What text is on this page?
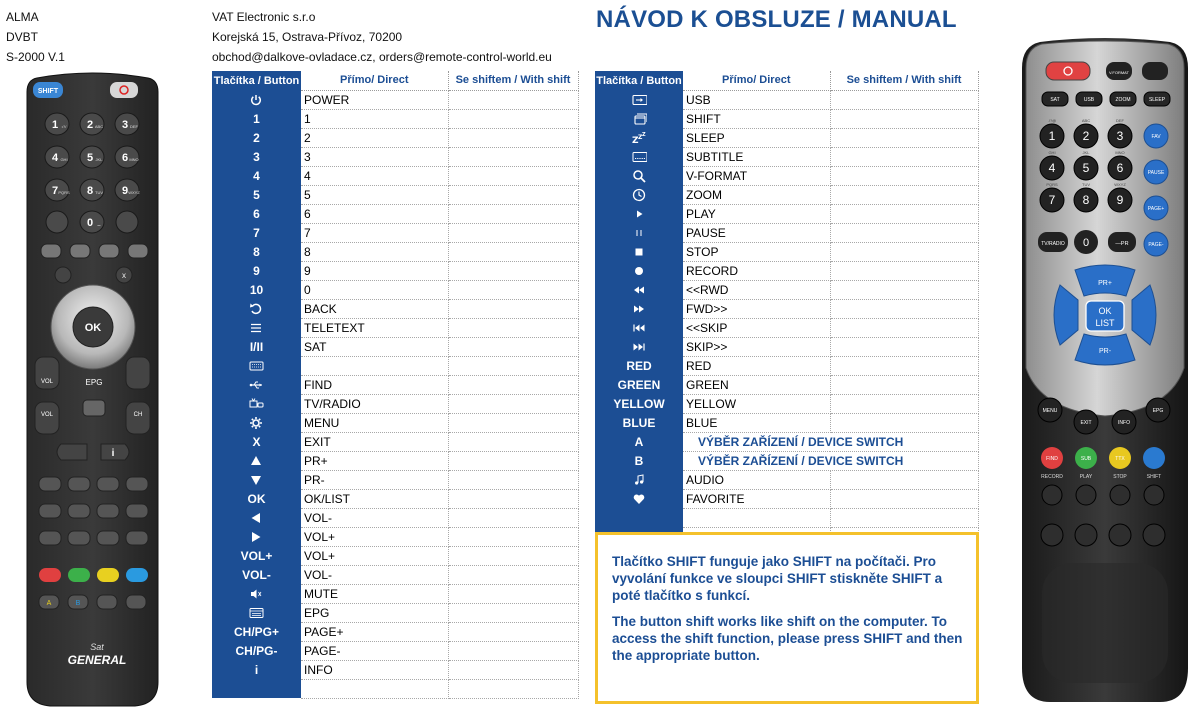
ALMA
DVBT
S-2000 V.1
VAT Electronic s.r.o
Korejská 15, Ostrava-Přívoz, 70200
obchod@dalkove-ovladace.cz, orders@remote-control-world.eu
NÁVOD K OBSLUZE / MANUAL
Tlačítka / Button	Přímo/ Direct	Se shiftem / With shift

	POWER	
1	1	
2	2	
3	3	
4	4	
5	5	
6	6	
7	7	
8	8	
9	9	
10	0	

	BACK	

	TELETEXT	
I/II	SAT	

	FIND	

	TV/RADIO	

	MENU	
X	EXIT	

	PR+	

	PR-	
OK	OK/LIST	

	VOL-	

	VOL+	
VOL+	VOL+	
VOL-	VOL-	

	MUTE	

	EPG	
CH/PG+	PAGE+	
CH/PG-	PAGE-	
i	INFO	

Tlačítka / Button	Přímo/ Direct	Se shiftem / With shift

	USB	

	SHIFT	

Z Z Z	SLEEP	

	SUBTITLE	

	V-FORMAT	

	ZOOM	

	PLAY	

	PAUSE	

	STOP	

	RECORD	

	<<RWD	

	FWD>>	

	<<SKIP	

	SKIP>>	
RED	RED	
GREEN	GREEN	
YELLOW	YELLOW	
BLUE	BLUE	
A	VÝBĚR ZAŘÍZENÍ / DEVICE SWITCH	
B	VÝBĚR ZAŘÍZENÍ / DEVICE SWITCH	

	AUDIO	

	FAVORITE	

Tlačítko SHIFT funguje jako SHIFT na počítači. Pro vyvolání funkce ve sloupci SHIFT stiskněte SHIFT a poté tlačítko s funkcí.

The button shift works like shift on the computer. To access the shift function, please press SHIFT and then the appropriate button.

SHIFT
1 •?/ 2 ABC 3 DEF
4 GHI 5 JKL 6 MNO
7 PQRS 8 TUV 9 WXYZ
0 ⌴
x
OK
VOL	EPG
VOL	CH
i
A	B
Sat
GENERAL
V.FORMAT
SAT	USB	ZOOM	SLEEP
1
.!?@
2
ABC
3
DEF
4
GHI
5
JKL
6
MNO
7
PQRS
8
TUV
9
WXYZ
FAV
PAUSE
PAGE+
PAGE-
TV/RADIO 0	—PR
PR+
PR-
OK
LIST
MENU
EXIT	INFO
EPG
FIND	SUB	TTX
RECORD	PLAY	STOP	SHIFT
